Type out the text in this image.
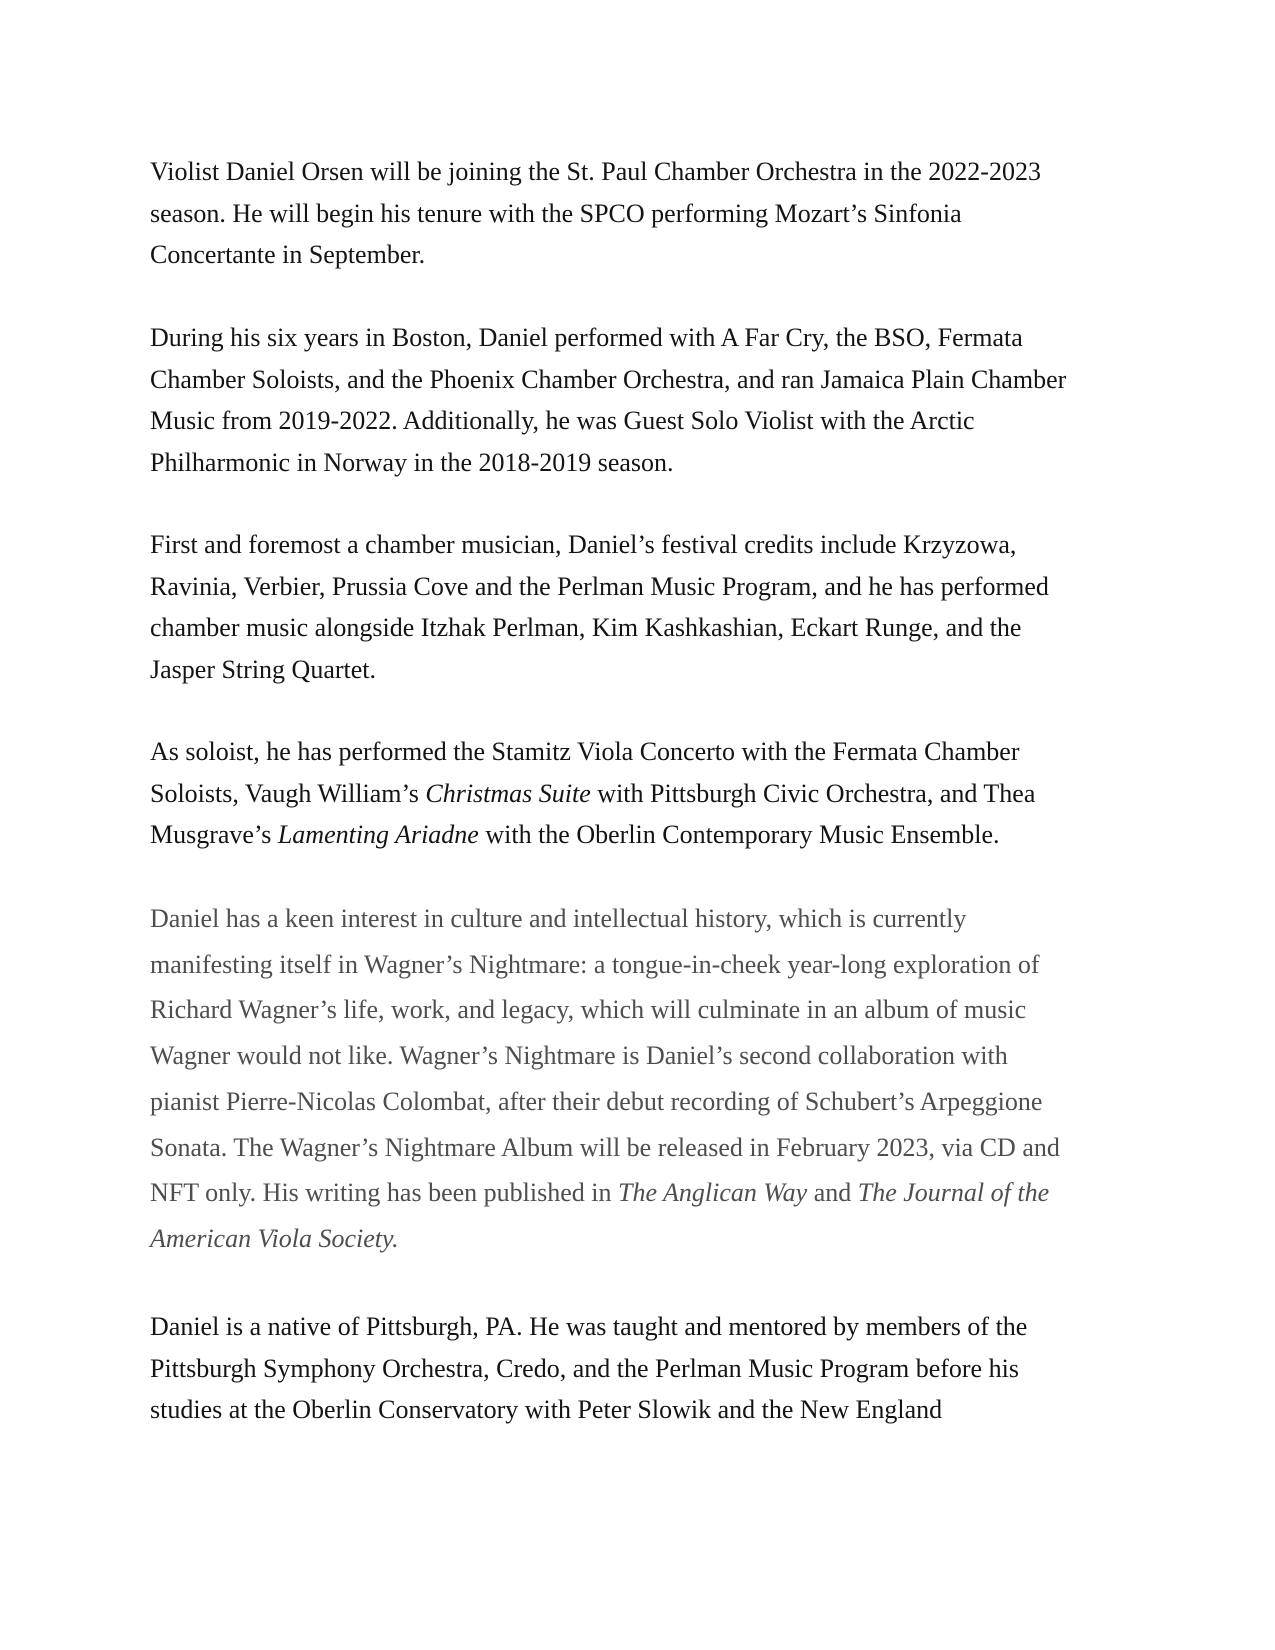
Violist Daniel Orsen will be joining the St. Paul Chamber Orchestra in the 2022-2023
season. He will begin his tenure with the SPCO performing Mozart’s Sinfonia
Concertante in September.

During his six years in Boston, Daniel performed with A Far Cry, the BSO, Fermata
Chamber Soloists, and the Phoenix Chamber Orchestra, and ran Jamaica Plain Chamber
Music from 2019-2022. Additionally, he was Guest Solo Violist with the Arctic
Philharmonic in Norway in the 2018-2019 season.

First and foremost a chamber musician, Daniel’s festival credits include Krzyzowa,
Ravinia, Verbier, Prussia Cove and the Perlman Music Program, and he has performed
chamber music alongside Itzhak Perlman, Kim Kashkashian, Eckart Runge, and the
Jasper String Quartet.

As soloist, he has performed the Stamitz Viola Concerto with the Fermata Chamber
Soloists, Vaugh William’s Christmas Suite with Pittsburgh Civic Orchestra, and Thea
Musgrave’s Lamenting Ariadne with the Oberlin Contemporary Music Ensemble.

Daniel has a keen interest in culture and intellectual history, which is currently
manifesting itself in Wagner’s Nightmare: a tongue-in-cheek year-long exploration of
Richard Wagner’s life, work, and legacy, which will culminate in an album of music
Wagner would not like. Wagner’s Nightmare is Daniel’s second collaboration with
pianist Pierre-Nicolas Colombat, after their debut recording of Schubert’s Arpeggione
Sonata. The Wagner’s Nightmare Album will be released in February 2023, via CD and
NFT only. His writing has been published in The Anglican Way and The Journal of the
American Viola Society.

Daniel is a native of Pittsburgh, PA. He was taught and mentored by members of the
Pittsburgh Symphony Orchestra, Credo, and the Perlman Music Program before his
studies at the Oberlin Conservatory with Peter Slowik and the New England
